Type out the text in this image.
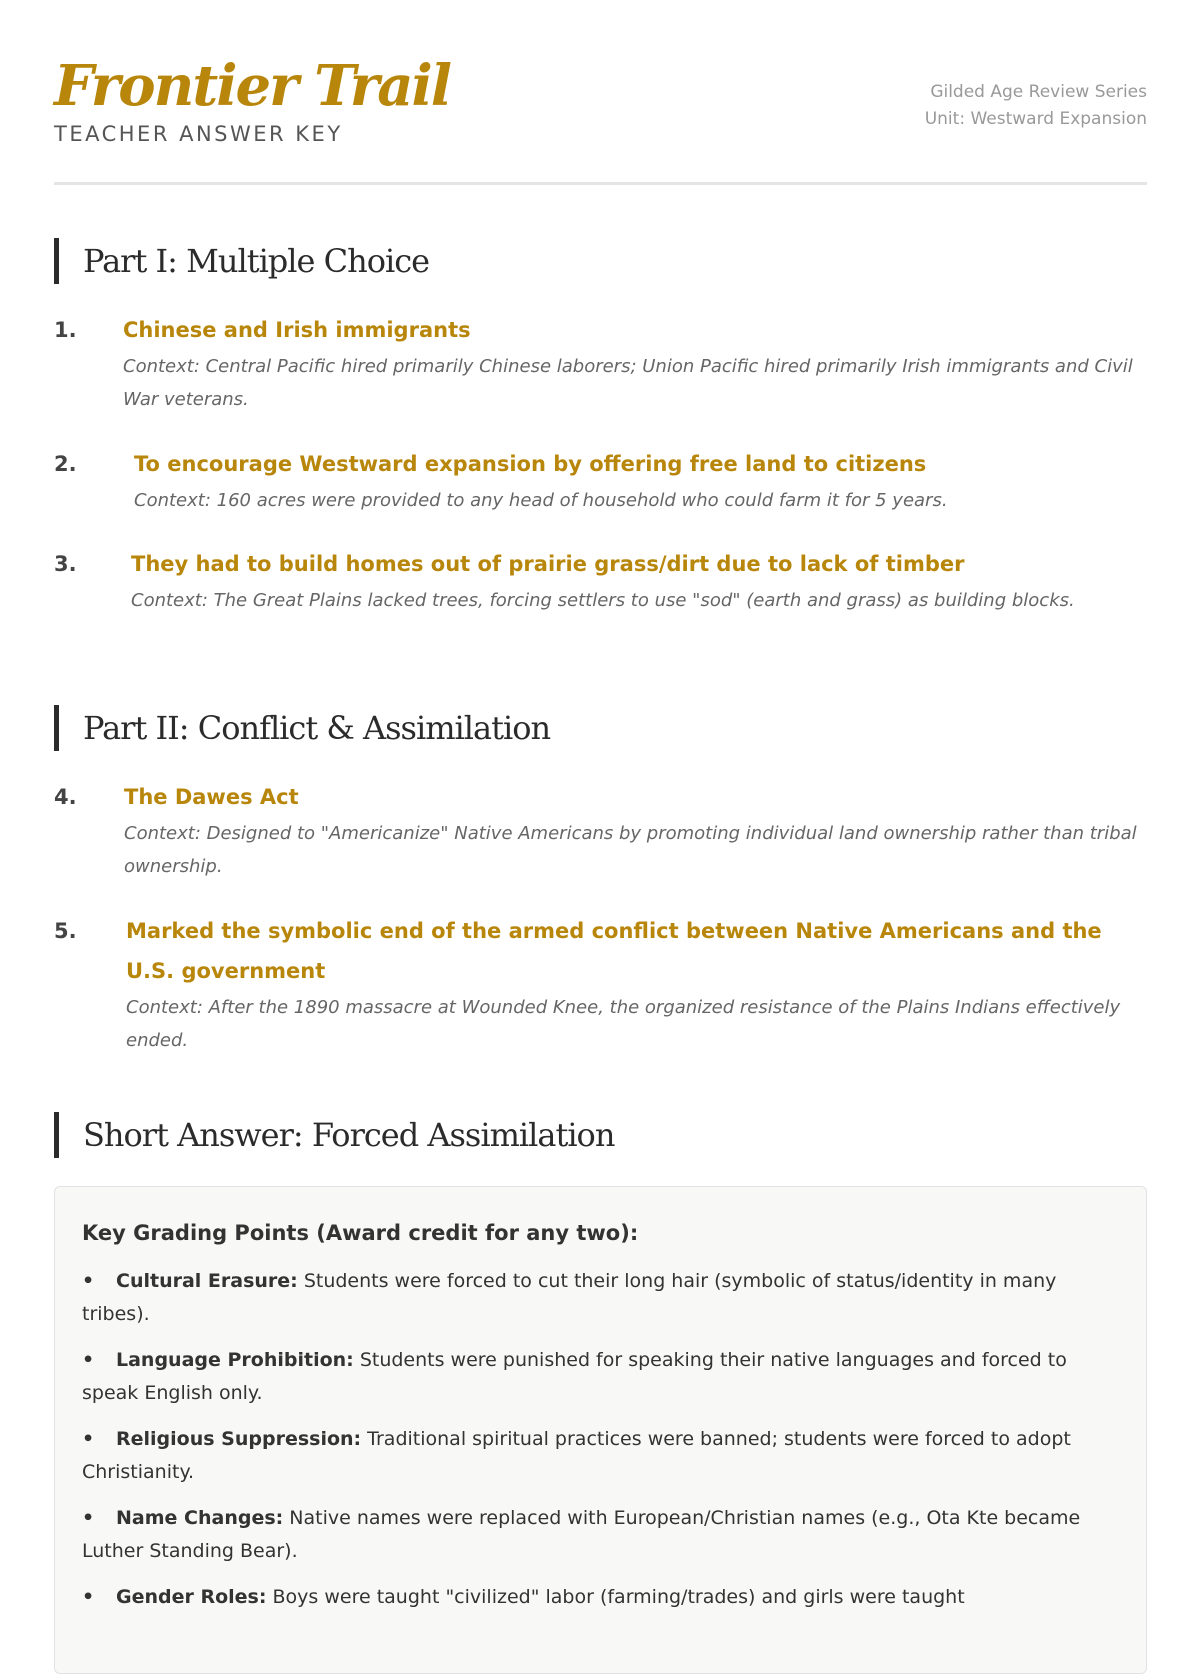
Frontier Trail
TEACHER ANSWER KEY
Gilded Age Review Series
Unit: Westward Expansion
Part I: Multiple Choice
1. Chinese and Irish immigrants
Context: Central Pacific hired primarily Chinese laborers; Union Pacific hired primarily Irish immigrants and Civil War veterans.
2.	To encourage Westward expansion by offering free land to citizens
Context: 160 acres were provided to any head of household who could farm it for 5 years.
3.	They had to build homes out of prairie grass/dirt due to lack of timber
Context: The Great Plains lacked trees, forcing settlers to use "sod" (earth and grass) as building blocks.
Part II: Conflict & Assimilation
4. The Dawes Act
Context: Designed to "Americanize" Native Americans by promoting individual land ownership rather than tribal ownership.
5. Marked the symbolic end of the armed conflict between Native Americans and the U.S. government
Context: After the 1890 massacre at Wounded Knee, the organized resistance of the Plains Indians effectively ended.
Short Answer: Forced Assimilation
Key Grading Points (Award credit for any two):
• Cultural Erasure: Students were forced to cut their long hair (symbolic of status/identity in many tribes).
• Language Prohibition: Students were punished for speaking their native languages and forced to speak English only.
• Religious Suppression: Traditional spiritual practices were banned; students were forced to adopt Christianity.
• Name Changes: Native names were replaced with European/Christian names (e.g., Ota Kte became Luther Standing Bear).
• Gender Roles: Boys were taught "civilized" labor (farming/trades) and girls were taught
